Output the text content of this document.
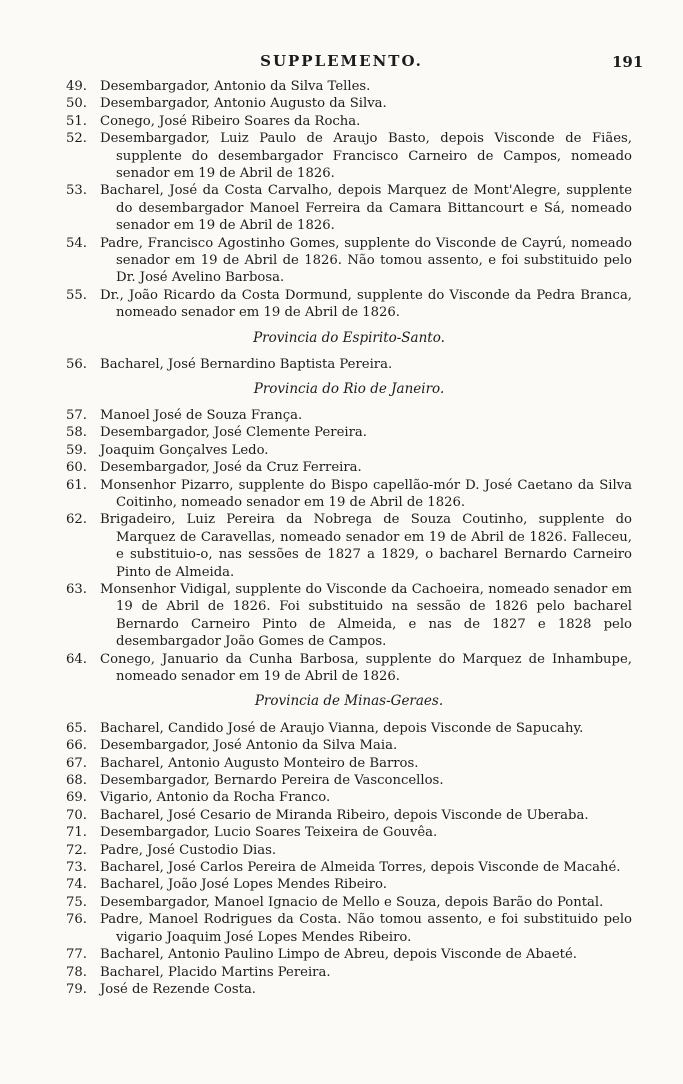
SUPPLEMENTO.	191
49. Desembargador, Antonio da Silva Telles.
50. Desembargador, Antonio Augusto da Silva.
51. Conego, José Ribeiro Soares da Rocha.
52. Desembargador, Luiz Paulo de Araujo Basto, depois Visconde de Fiães, supplente do desembargador Francisco Carneiro de Campos, nomeado senador em 19 de Abril de 1826.
53. Bacharel, José da Costa Carvalho, depois Marquez de Mont'Alegre, supplente do desembargador Manoel Ferreira da Camara Bittancourt e Sá, nomeado senador em 19 de Abril de 1826.
54. Padre, Francisco Agostinho Gomes, supplente do Visconde de Cayrú, nomeado senador em 19 de Abril de 1826. Não tomou assento, e foi substituido pelo Dr. José Avelino Barbosa.
55. Dr., João Ricardo da Costa Dormund, supplente do Visconde da Pedra Branca, nomeado senador em 19 de Abril de 1826.
Provincia do Espirito-Santo.
56. Bacharel, José Bernardino Baptista Pereira.
Provincia do Rio de Janeiro.
57. Manoel José de Souza França.
58. Desembargador, José Clemente Pereira.
59. Joaquim Gonçalves Ledo.
60. Desembargador, José da Cruz Ferreira.
61. Monsenhor Pizarro, supplente do Bispo capellão-mór D. José Caetano da Silva Coitinho, nomeado senador em 19 de Abril de 1826.
62. Brigadeiro, Luiz Pereira da Nobrega de Souza Coutinho, supplente do Marquez de Caravellas, nomeado senador em 19 de Abril de 1826. Falleceu, e substituio-o, nas sessões de 1827 a 1829, o bacharel Bernardo Carneiro Pinto de Almeida.
63. Monsenhor Vidigal, supplente do Visconde da Cachoeira, nomeado senador em 19 de Abril de 1826. Foi substituido na sessão de 1826 pelo bacharel Bernardo Carneiro Pinto de Almeida, e nas de 1827 e 1828 pelo desembargador João Gomes de Campos.
64. Conego, Januario da Cunha Barbosa, supplente do Marquez de Inhambupe, nomeado senador em 19 de Abril de 1826.
Provincia de Minas-Geraes.
65. Bacharel, Candido José de Araujo Vianna, depois Visconde de Sapucahy.
66. Desembargador, José Antonio da Silva Maia.
67. Bacharel, Antonio Augusto Monteiro de Barros.
68. Desembargador, Bernardo Pereira de Vasconcellos.
69. Vigario, Antonio da Rocha Franco.
70. Bacharel, José Cesario de Miranda Ribeiro, depois Visconde de Uberaba.
71. Desembargador, Lucio Soares Teixeira de Gouvêa.
72. Padre, José Custodio Dias.
73. Bacharel, José Carlos Pereira de Almeida Torres, depois Visconde de Macahé.
74. Bacharel, João José Lopes Mendes Ribeiro.
75. Desembargador, Manoel Ignacio de Mello e Souza, depois Barão do Pontal.
76. Padre, Manoel Rodrigues da Costa. Não tomou assento, e foi substituido pelo vigario Joaquim José Lopes Mendes Ribeiro.
77. Bacharel, Antonio Paulino Limpo de Abreu, depois Visconde de Abaeté.
78. Bacharel, Placido Martins Pereira.
79. José de Rezende Costa.
